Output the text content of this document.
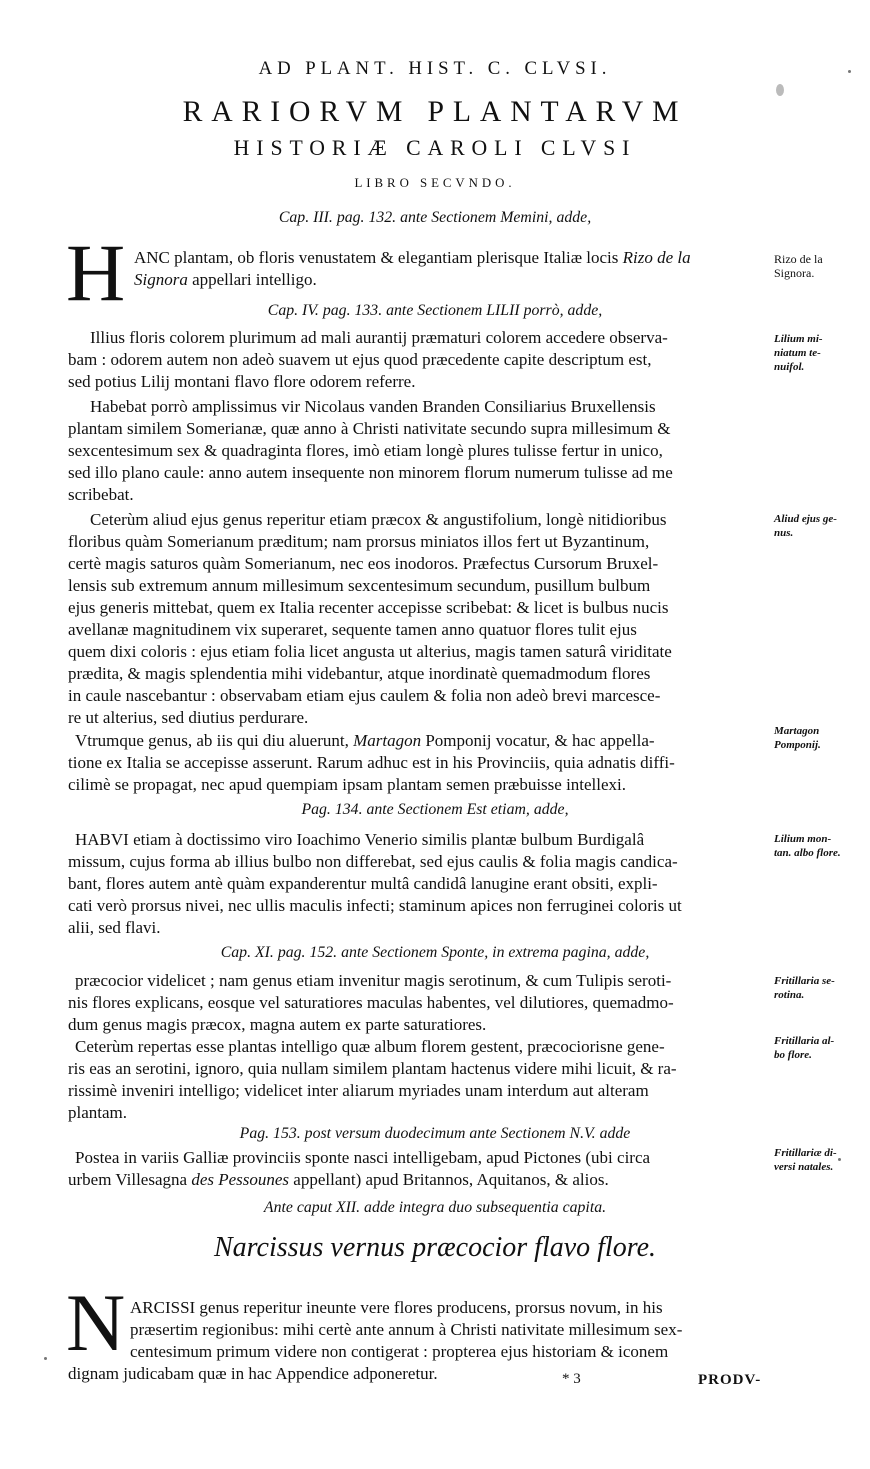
AD PLANT. HIST. C. CLVSI.
RARIORVM PLANTARVM
HISTORIÆ CAROLI CLVSI
LIBRO SECVNDO.
Cap. III. pag. 132. ante Sectionem Memini, adde,
H ANC plantam, ob floris venustatem & elegantiam plerisque Italiæ locis Rizo de la
Signora appellari intelligo.
Rizo de la
Signora.
Cap. IV. pag. 133. ante Sectionem LILII porrò, adde,
Illius floris colorem plurimum ad mali aurantij præmaturi colorem accedere observa-
bam : odorem autem non adeò suavem ut ejus quod præcedente capite descriptum est,
sed potius Lilij montani flavo flore odorem referre.
Lilium mi-
niatum te-
nuifol.
Habebat porrò amplissimus vir Nicolaus vanden Branden Consiliarius Bruxellensis
plantam similem Somerianæ, quæ anno à Christi nativitate secundo supra millesimum &
sexcentesimum sex & quadraginta flores, imò etiam longè plures tulisse fertur in unico,
sed illo plano caule: anno autem insequente non minorem florum numerum tulisse ad me
scribebat.
Ceterùm aliud ejus genus reperitur etiam præcox & angustifolium, longè nitidioribus
floribus quàm Somerianum præditum; nam prorsus miniatos illos fert ut Byzantinum,
certè magis saturos quàm Somerianum, nec eos inodoros. Præfectus Cursorum Bruxel-
lensis sub extremum annum millesimum sexcentesimum secundum, pusillum bulbum
ejus generis mittebat, quem ex Italia recenter accepisse scribebat: & licet is bulbus nucis
avellanæ magnitudinem vix superaret, sequente tamen anno quatuor flores tulit ejus
quem dixi coloris : ejus etiam folia licet angusta ut alterius, magis tamen saturâ viriditate
prædita, & magis splendentia mihi videbantur, atque inordinatè quemadmodum flores
in caule nascebantur : observabam etiam ejus caulem & folia non adeò brevi marcesce-
re ut alterius, sed diutius perdurare.
Aliud ejus ge-
nus.
Vtrumque genus, ab iis qui diu aluerunt, Martagon Pomponij vocatur, & hac appella-
tione ex Italia se accepisse asserunt. Rarum adhuc est in his Provinciis, quia adnatis diffi-
cilimè se propagat, nec apud quempiam ipsam plantam semen præbuisse intellexi.
Martagon
Pomponij.
Pag. 134. ante Sectionem Est etiam, adde,
HABVI etiam à doctissimo viro Ioachimo Venerio similis plantæ bulbum Burdigalâ
missum, cujus forma ab illius bulbo non differebat, sed ejus caulis & folia magis candica-
bant, flores autem antè quàm expanderentur multâ candidâ lanugine erant obsiti, expli-
cati verò prorsus nivei, nec ullis maculis infecti; staminum apices non ferruginei coloris ut
alii, sed flavi.
Lilium mon-
tan. albo flore.
Cap. XI. pag. 152. ante Sectionem Sponte, in extrema pagina, adde,
præcocior videlicet ; nam genus etiam invenitur magis serotinum, & cum Tulipis seroti-
nis flores explicans, eosque vel saturatiores maculas habentes, vel dilutiores, quemadmo-
dum genus magis præcox, magna autem ex parte saturatiores.
Fritillaria se-
rotina.
Ceterùm repertas esse plantas intelligo quæ album florem gestent, præcociorisne gene-
ris eas an serotini, ignoro, quia nullam similem plantam hactenus videre mihi licuit, & ra-
rissimè inveniri intelligo; videlicet inter aliarum myriades unam interdum aut alteram
plantam.
Fritillaria al-
bo flore.
Pag. 153. post versum duodecimum ante Sectionem N.V. adde
Postea in variis Galliæ provinciis sponte nasci intelligebam, apud Pictones (ubi circa
urbem Villesagna des Pessounes appellant) apud Britannos, Aquitanos, & alios.
Fritillariæ di-
versi natales.
Ante caput XII. adde integra duo subsequentia capita.
Narcissus vernus præcocior flavo flore.
N ARCISSI genus reperitur ineunte vere flores producens, prorsus novum, in his
præsertim regionibus: mihi certè ante annum à Christi nativitate millesimum sex-
centesimum primum videre non contigerat : propterea ejus historiam & iconem
dignam judicabam quæ in hac Appendice adponeretur.	* 3	PRODV-
